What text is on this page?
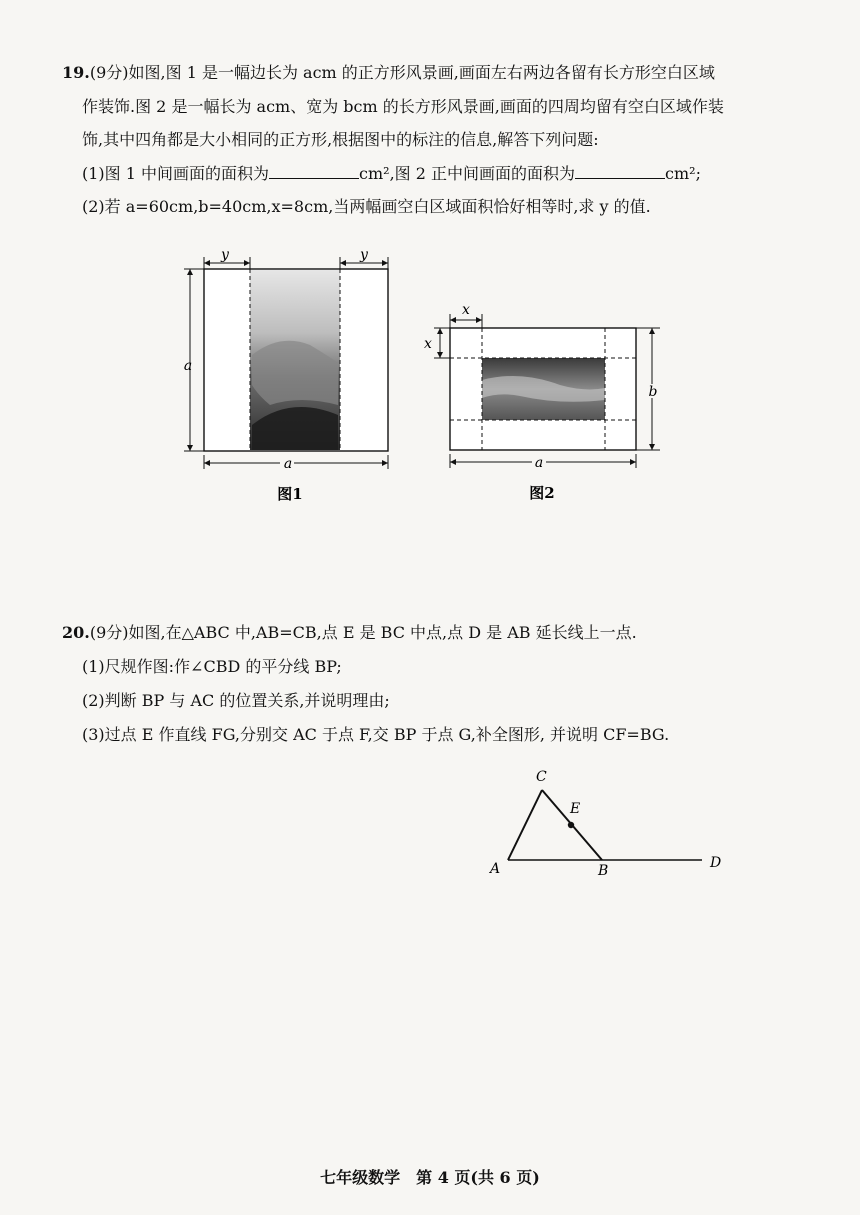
19.(9分)如图,图 1 是一幅边长为 acm 的正方形风景画,画面左右两边各留有长方形空白区域
作装饰.图 2 是一幅长为 acm、宽为 bcm 的长方形风景画,画面的四周均留有空白区域作装
饰,其中四角都是大小相同的正方形,根据图中的标注的信息,解答下列问题:
(1)图 1 中间画面的面积为	cm²,图 2 正中间画面的面积为	cm²;
(2)若 a=60cm,b=40cm,x=8cm,当两幅画空白区域面积恰好相等时,求 y 的值.
y	y
a
a
图1
x
x
b
a
图2
20.(9分)如图,在△ABC 中,AB=CB,点 E 是 BC 中点,点 D 是 AB 延长线上一点.
(1)尺规作图:作∠CBD 的平分线 BP;
(2)判断 BP 与 AC 的位置关系,并说明理由;
(3)过点 E 作直线 FG,分别交 AC 于点 F,交 BP 于点 G,补全图形, 并说明 CF=BG.
C
E
A	B	D
七年级数学　第 4 页(共 6 页)
